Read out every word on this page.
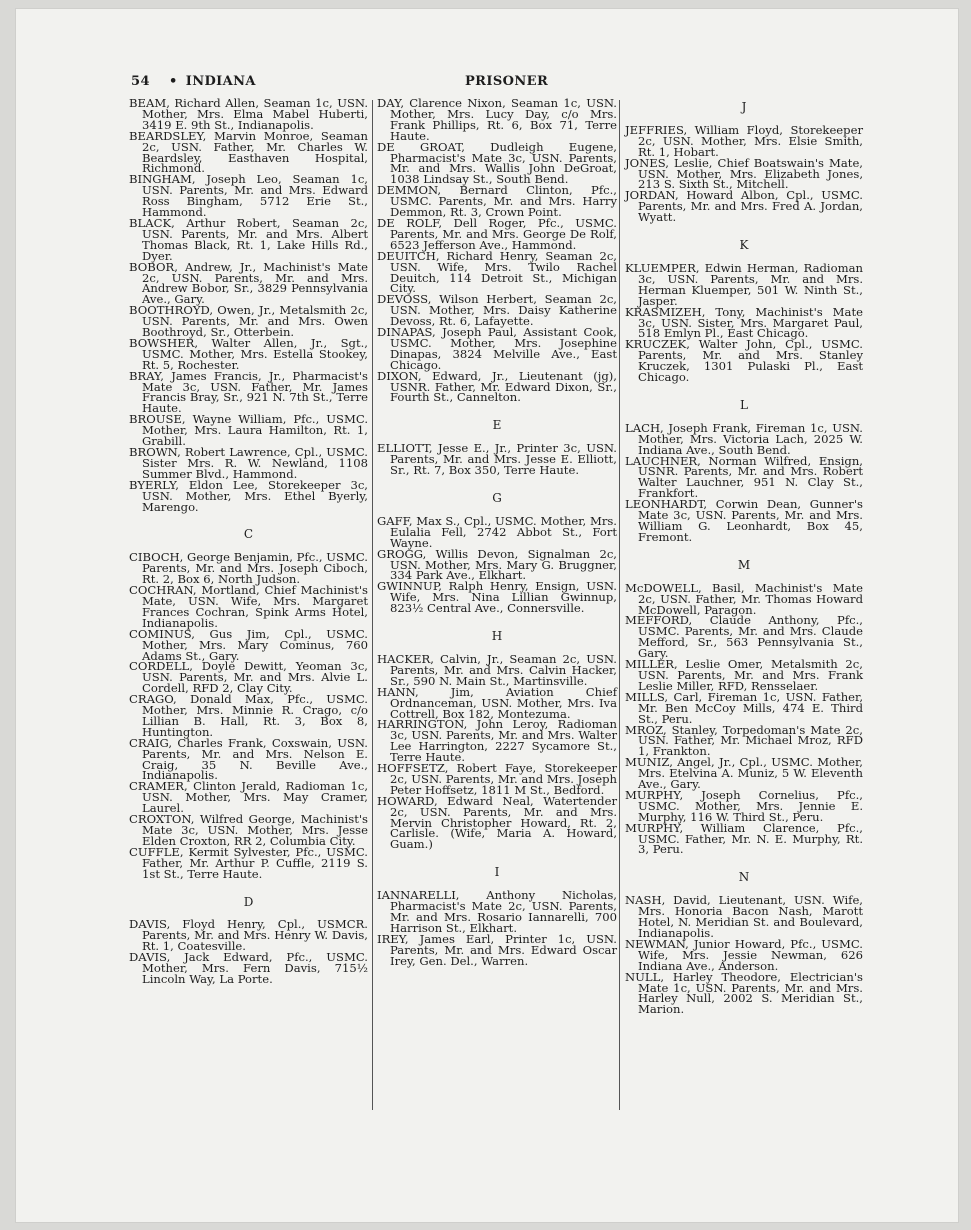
54
•	INDIANA	PRISONER

BEAM, Richard Allen, Seaman 1c, USN. Mother, Mrs. Elma Mabel Huberti, 3419 E. 9th St., Indianapolis.

BEARDSLEY, Marvin Monroe, Seaman 2c, USN. Father, Mr. Charles W. Beardsley, Easthaven Hospital, Richmond.

BINGHAM, Joseph Leo, Seaman 1c, USN. Parents, Mr. and Mrs. Edward Ross Bingham, 5712 Erie St., Hammond.

BLACK, Arthur Robert, Seaman 2c, USN. Parents, Mr. and Mrs. Albert Thomas Black, Rt. 1, Lake Hills Rd., Dyer.

BOBOR, Andrew, Jr., Machinist's Mate 2c, USN. Parents, Mr. and Mrs. Andrew Bobor, Sr., 3829 Pennsylvania Ave., Gary.

BOOTHROYD, Owen, Jr., Metalsmith 2c, USN. Parents, Mr. and Mrs. Owen Boothroyd, Sr., Otterbein.

BOWSHER, Walter Allen, Jr., Sgt., USMC. Mother, Mrs. Estella Stookey, Rt. 5, Rochester.

BRAY, James Francis, Jr., Pharmacist's Mate 3c, USN. Father, Mr. James Francis Bray, Sr., 921 N. 7th St., Terre Haute.

BROUSE, Wayne William, Pfc., USMC. Mother, Mrs. Laura Hamilton, Rt. 1, Grabill.

BROWN, Robert Lawrence, Cpl., USMC. Sister Mrs. R. W. Newland, 1108 Summer Blvd., Hammond.

BYERLY, Eldon Lee, Storekeeper 3c, USN. Mother, Mrs. Ethel Byerly, Marengo.

C

CIBOCH, George Benjamin, Pfc., USMC. Parents, Mr. and Mrs. Joseph Ciboch, Rt. 2, Box 6, North Judson.

COCHRAN, Mortland, Chief Machinist's Mate, USN. Wife, Mrs. Margaret Frances Cochran, Spink Arms Hotel, Indianapolis.

COMINUS, Gus Jim, Cpl., USMC. Mother, Mrs. Mary Cominus, 760 Adams St., Gary.

CORDELL, Doyle Dewitt, Yeoman 3c, USN. Parents, Mr. and Mrs. Alvie L. Cordell, RFD 2, Clay City.

CRAGO, Donald Max, Pfc., USMC. Mother, Mrs. Minnie R. Crago, c/o Lillian B. Hall, Rt. 3, Box 8, Huntington.

CRAIG, Charles Frank, Coxswain, USN. Parents, Mr. and Mrs. Nelson E. Craig, 35 N. Beville Ave., Indianapolis.

CRAMER, Clinton Jerald, Radioman 1c, USN. Mother, Mrs. May Cramer, Laurel.

CROXTON, Wilfred George, Machinist's Mate 3c, USN. Mother, Mrs. Jesse Elden Croxton, RR 2, Columbia City.

CUFFLE, Kermit Sylvester, Pfc., USMC. Father, Mr. Arthur P. Cuffle, 2119 S. 1st St., Terre Haute.

D

DAVIS, Floyd Henry, Cpl., USMCR. Parents, Mr. and Mrs. Henry W. Davis, Rt. 1, Coatesville.

DAVIS, Jack Edward, Pfc., USMC. Mother, Mrs. Fern Davis, 715½ Lincoln Way, La Porte.

DAY, Clarence Nixon, Seaman 1c, USN. Mother, Mrs. Lucy Day, c/o Mrs. Frank Phillips, Rt. 6, Box 71, Terre Haute.

DE GROAT, Dudleigh Eugene, Pharmacist's Mate 3c, USN. Parents, Mr. and Mrs. Wallis John DeGroat, 1038 Lindsay St., South Bend.

DEMMON, Bernard Clinton, Pfc., USMC. Parents, Mr. and Mrs. Harry Demmon, Rt. 3, Crown Point.

DE ROLF, Dell Roger, Pfc., USMC. Parents, Mr. and Mrs. George De Rolf, 6523 Jefferson Ave., Hammond.

DEUITCH, Richard Henry, Seaman 2c, USN. Wife, Mrs. Twilo Rachel Deuitch, 114 Detroit St., Michigan City.

DEVOSS, Wilson Herbert, Seaman 2c, USN. Mother, Mrs. Daisy Katherine Devoss, Rt. 6, Lafayette.

DINAPAS, Joseph Paul, Assistant Cook, USMC. Mother, Mrs. Josephine Dinapas, 3824 Melville Ave., East Chicago.

DIXON, Edward, Jr., Lieutenant (jg), USNR. Father, Mr. Edward Dixon, Sr., Fourth St., Cannelton.

E

ELLIOTT, Jesse E., Jr., Printer 3c, USN. Parents, Mr. and Mrs. Jesse E. Elliott, Sr., Rt. 7, Box 350, Terre Haute.

G

GAFF, Max S., Cpl., USMC. Mother, Mrs. Eulalia Fell, 2742 Abbot St., Fort Wayne.

GROGG, Willis Devon, Signalman 2c, USN. Mother, Mrs. Mary G. Bruggner, 334 Park Ave., Elkhart.

GWINNUP, Ralph Henry, Ensign, USN. Wife, Mrs. Nina Lillian Gwinnup, 823½ Central Ave., Connersville.

H

HACKER, Calvin, Jr., Seaman 2c, USN. Parents, Mr. and Mrs. Calvin Hacker, Sr., 590 N. Main St., Martinsville.

HANN, Jim, Aviation Chief Ordnanceman, USN. Mother, Mrs. Iva Cottrell, Box 182, Montezuma.

HARRINGTON, John Leroy, Radioman 3c, USN. Parents, Mr. and Mrs. Walter Lee Harrington, 2227 Sycamore St., Terre Haute.

HOFFSETZ, Robert Faye, Storekeeper 2c, USN. Parents, Mr. and Mrs. Joseph Peter Hoffsetz, 1811 M St., Bedford.

HOWARD, Edward Neal, Watertender 2c, USN. Parents, Mr. and Mrs. Mervin Christopher Howard, Rt. 2, Carlisle. (Wife, Maria A. Howard, Guam.)

I

IANNARELLI, Anthony Nicholas, Pharmacist's Mate 2c, USN. Parents, Mr. and Mrs. Rosario Iannarelli, 700 Harrison St., Elkhart.

IREY, James Earl, Printer 1c, USN. Parents, Mr. and Mrs. Edward Oscar Irey, Gen. Del., Warren.

J

JEFFRIES, William Floyd, Storekeeper 2c, USN. Mother, Mrs. Elsie Smith, Rt. 1, Hobart.

JONES, Leslie, Chief Boatswain's Mate, USN. Mother, Mrs. Elizabeth Jones, 213 S. Sixth St., Mitchell.

JORDAN, Howard Albon, Cpl., USMC. Parents, Mr. and Mrs. Fred A. Jordan, Wyatt.

K

KLUEMPER, Edwin Herman, Radioman 3c, USN. Parents, Mr. and Mrs. Herman Kluemper, 501 W. Ninth St., Jasper.

KRASMIZEH, Tony, Machinist's Mate 3c, USN. Sister, Mrs. Margaret Paul, 518 Emlyn Pl., East Chicago.

KRUCZEK, Walter John, Cpl., USMC. Parents, Mr. and Mrs. Stanley Kruczek, 1301 Pulaski Pl., East Chicago.

L

LACH, Joseph Frank, Fireman 1c, USN. Mother, Mrs. Victoria Lach, 2025 W. Indiana Ave., South Bend.

LAUCHNER, Norman Wilfred, Ensign, USNR. Parents, Mr. and Mrs. Robert Walter Lauchner, 951 N. Clay St., Frankfort.

LEONHARDT, Corwin Dean, Gunner's Mate 3c, USN. Parents, Mr. and Mrs. William G. Leonhardt, Box 45, Fremont.

M

McDOWELL, Basil, Machinist's Mate 2c, USN. Father, Mr. Thomas Howard McDowell, Paragon.

MEFFORD, Claude Anthony, Pfc., USMC. Parents, Mr. and Mrs. Claude Mefford, Sr., 563 Pennsylvania St., Gary.

MILLER, Leslie Omer, Metalsmith 2c, USN. Parents, Mr. and Mrs. Frank Leslie Miller, RFD, Rensselaer.

MILLS, Carl, Fireman 1c, USN. Father, Mr. Ben McCoy Mills, 474 E. Third St., Peru.

MROZ, Stanley, Torpedoman's Mate 2c, USN. Father, Mr. Michael Mroz, RFD 1, Frankton.

MUNIZ, Angel, Jr., Cpl., USMC. Mother, Mrs. Etelvina A. Muniz, 5 W. Eleventh Ave., Gary.

MURPHY, Joseph Cornelius, Pfc., USMC. Mother, Mrs. Jennie E. Murphy, 116 W. Third St., Peru.

MURPHY, William Clarence, Pfc., USMC. Father, Mr. N. E. Murphy, Rt. 3, Peru.

N

NASH, David, Lieutenant, USN. Wife, Mrs. Honoria Bacon Nash, Marott Hotel, N. Meridian St. and Boulevard, Indianapolis.

NEWMAN, Junior Howard, Pfc., USMC. Wife, Mrs. Jessie Newman, 626 Indiana Ave., Anderson.

NULL, Harley Theodore, Electrician's Mate 1c, USN. Parents, Mr. and Mrs. Harley Null, 2002 S. Meridian St., Marion.
